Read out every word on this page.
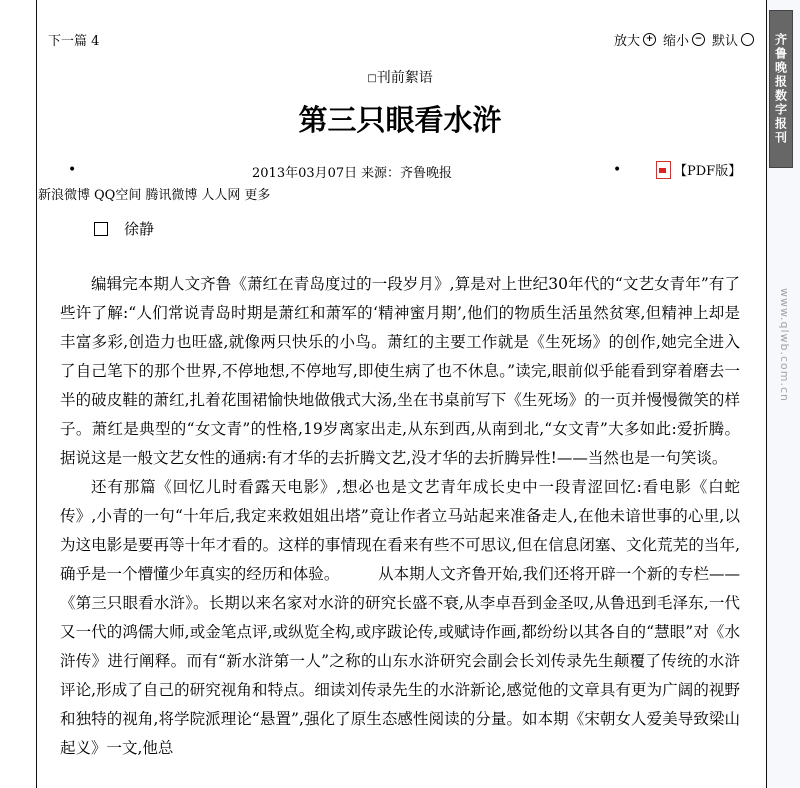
齐鲁晚报数字报刊
www.qlwb.com.cn
下一篇 4	放大 + 缩小 − 默认
□刊前絮语
第三只眼看水浒
•	2013年03月07日 来源：齐鲁晚报	•	【PDF版】
新浪微博 QQ空间 腾讯微博 人人网 更多
徐静

编辑完本期人文齐鲁《萧红在青岛度过的一段岁月》,算是对上世纪30年代的“文艺女青年”有了些许了解:“人们常说青岛时期是萧红和萧军的‘精神蜜月期’,他们的物质生活虽然贫寒,但精神上却是丰富多彩,创造力也旺盛,就像两只快乐的小鸟。萧红的主要工作就是《生死场》的创作,她完全进入了自己笔下的那个世界,不停地想,不停地写,即使生病了也不休息。”读完,眼前似乎能看到穿着磨去一半的破皮鞋的萧红,扎着花围裙愉快地做俄式大汤,坐在书桌前写下《生死场》的一页并慢慢微笑的样子。萧红是典型的“女文青”的性格,19岁离家出走,从东到西,从南到北,“女文青”大多如此:爱折腾。据说这是一般文艺女性的通病:有才华的去折腾文艺,没才华的去折腾异性!——当然也是一句笑谈。

还有那篇《回忆儿时看露天电影》,想必也是文艺青年成长史中一段青涩回忆:看电影《白蛇传》,小青的一句“十年后,我定来救姐姐出塔”竟让作者立马站起来准备走人,在他未谙世事的心里,以为这电影是要再等十年才看的。这样的事情现在看来有些不可思议,但在信息闭塞、文化荒芜的当年,确乎是一个懵懂少年真实的经历和体验。　　　从本期人文齐鲁开始,我们还将开辟一个新的专栏——《第三只眼看水浒》。长期以来名家对水浒的研究长盛不衰,从李卓吾到金圣叹,从鲁迅到毛泽东,一代又一代的鸿儒大师,或金笔点评,或纵览全构,或序跋论传,或赋诗作画,都纷纷以其各自的“慧眼”对《水浒传》进行阐释。而有“新水浒第一人”之称的山东水浒研究会副会长刘传录先生颠覆了传统的水浒评论,形成了自己的研究视角和特点。细读刘传录先生的水浒新论,感觉他的文章具有更为广阔的视野和独特的视角,将学院派理论“悬置”,强化了原生态感性阅读的分量。如本期《宋朝女人爱美导致梁山起义》一文,他总
